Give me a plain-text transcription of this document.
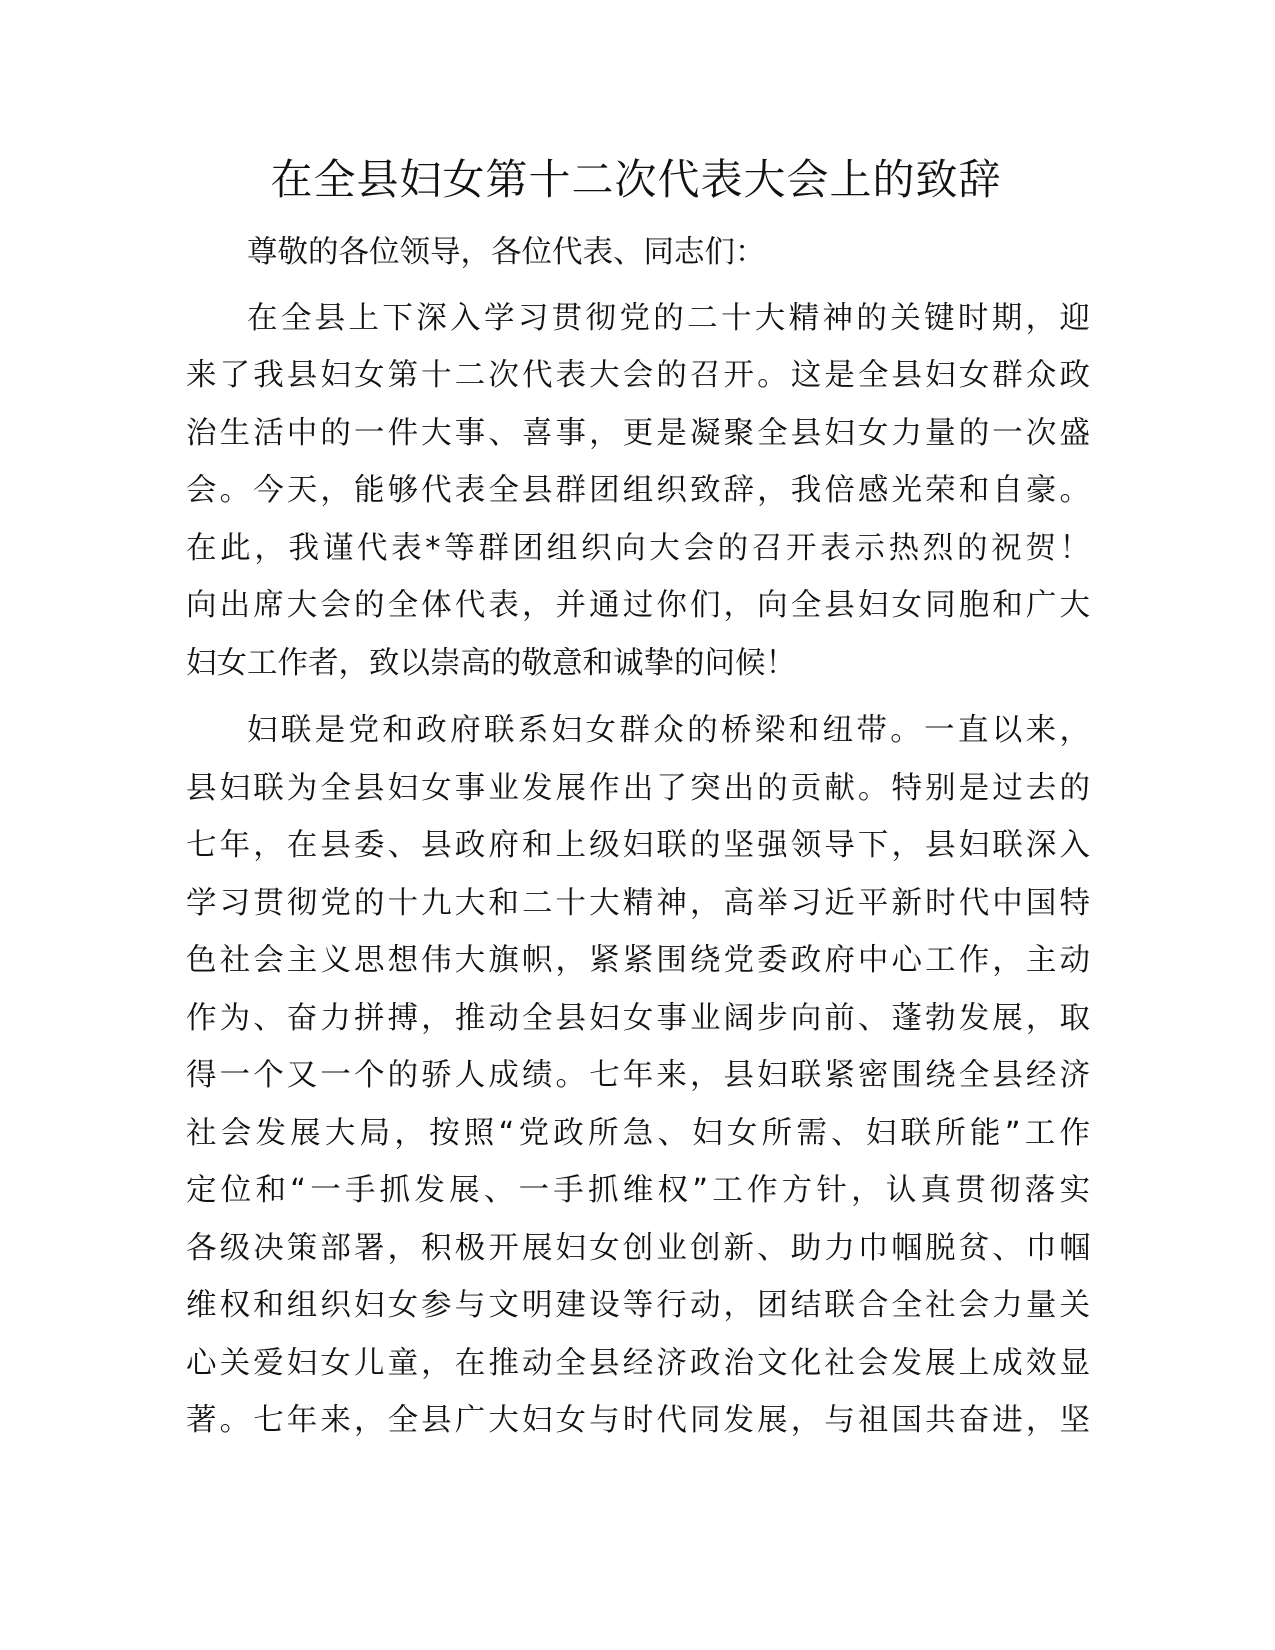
在全县妇女第十二次代表大会上的致辞

尊敬的各位领导，各位代表、同志们：

在全县上下深入学习贯彻党的二十大精神的关键时期，迎
来了我县妇女第十二次代表大会的召开。这是全县妇女群众政
治生活中的一件大事、喜事，更是凝聚全县妇女力量的一次盛
会。今天，能够代表全县群团组织致辞，我倍感光荣和自豪。
在此，我谨代表*等群团组织向大会的召开表示热烈的祝贺！
向出席大会的全体代表，并通过你们，向全县妇女同胞和广大
妇女工作者，致以崇高的敬意和诚挚的问候！

妇联是党和政府联系妇女群众的桥梁和纽带。一直以来，
县妇联为全县妇女事业发展作出了突出的贡献。特别是过去的
七年，在县委、县政府和上级妇联的坚强领导下，县妇联深入
学习贯彻党的十九大和二十大精神，高举习近平新时代中国特
色社会主义思想伟大旗帜，紧紧围绕党委政府中心工作，主动
作为、奋力拼搏，推动全县妇女事业阔步向前、蓬勃发展，取
得一个又一个的骄人成绩。七年来，县妇联紧密围绕全县经济
社会发展大局，按照“党政所急、妇女所需、妇联所能”工作
定位和“一手抓发展、一手抓维权”工作方针，认真贯彻落实
各级决策部署，积极开展妇女创业创新、助力巾帼脱贫、巾帼
维权和组织妇女参与文明建设等行动，团结联合全社会力量关
心关爱妇女儿童，在推动全县经济政治文化社会发展上成效显
著。七年来，全县广大妇女与时代同发展，与祖国共奋进，坚
